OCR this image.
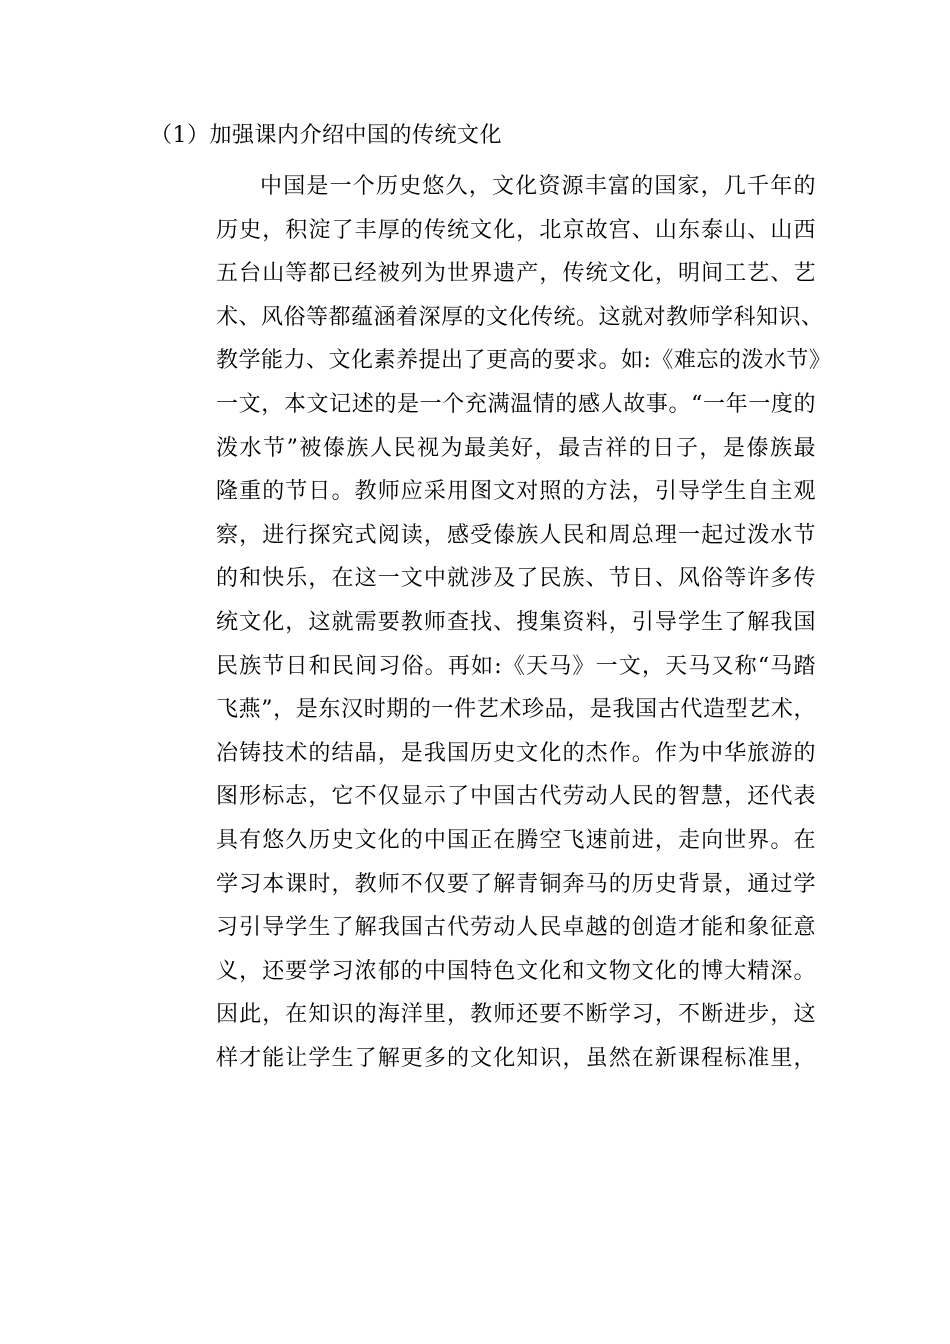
（1）加强课内介绍中国的传统文化
中国是一个历史悠久，文化资源丰富的国家，几千年的
历史，积淀了丰厚的传统文化，北京故宫、山东泰山、山西
五台山等都已经被列为世界遗产，传统文化，明间工艺、艺
术、风俗等都蕴涵着深厚的文化传统。这就对教师学科知识、
教学能力、文化素养提出了更高的要求。如:《难忘的泼水节》
一文，本文记述的是一个充满温情的感人故事。“一年一度的
泼水节”被傣族人民视为最美好，最吉祥的日子，是傣族最
隆重的节日。教师应采用图文对照的方法，引导学生自主观
察，进行探究式阅读，感受傣族人民和周总理一起过泼水节
的和快乐，在这一文中就涉及了民族、节日、风俗等许多传
统文化，这就需要教师查找、搜集资料，引导学生了解我国
民族节日和民间习俗。再如:《天马》一文，天马又称“马踏
飞燕”，是东汉时期的一件艺术珍品，是我国古代造型艺术，
冶铸技术的结晶，是我国历史文化的杰作。作为中华旅游的
图形标志，它不仅显示了中国古代劳动人民的智慧，还代表
具有悠久历史文化的中国正在腾空飞速前进，走向世界。在
学习本课时，教师不仅要了解青铜奔马的历史背景，通过学
习引导学生了解我国古代劳动人民卓越的创造才能和象征意
义，还要学习浓郁的中国特色文化和文物文化的博大精深。
因此，在知识的海洋里，教师还要不断学习，不断进步，这
样才能让学生了解更多的文化知识，虽然在新课程标准里，
